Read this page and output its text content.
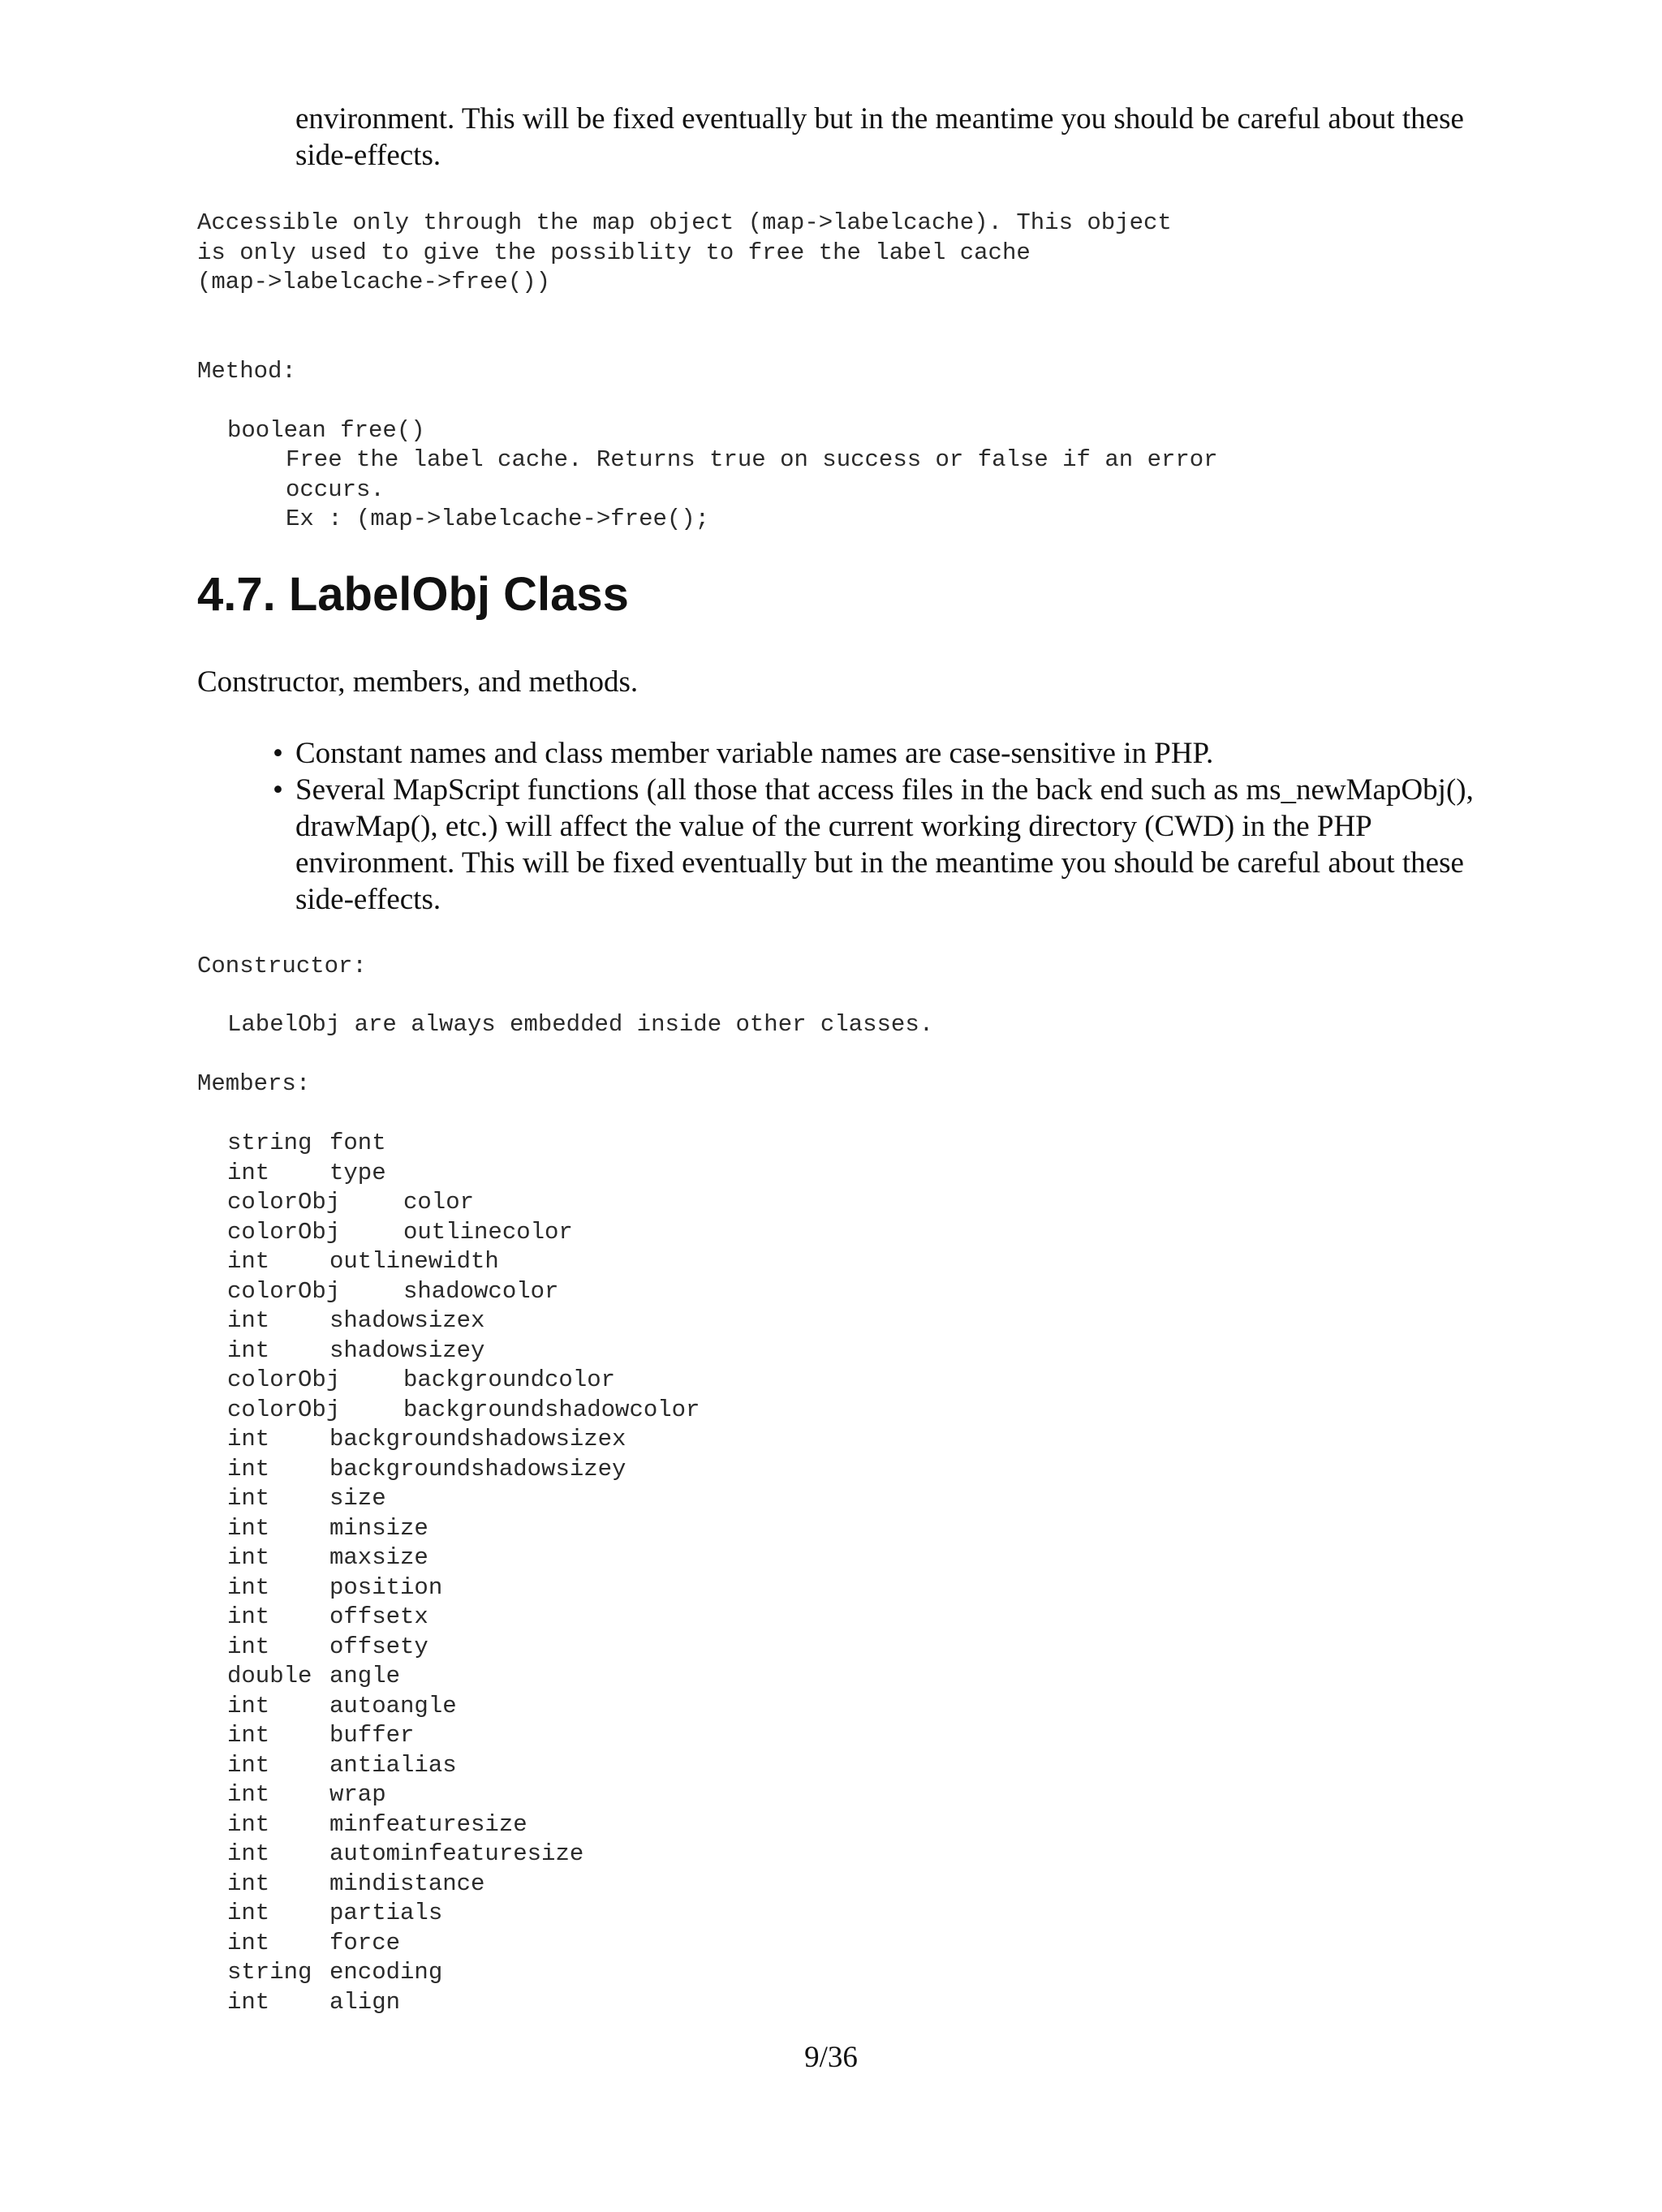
environment. This will be fixed eventually but in the meantime you should be careful about these
side-effects.
Accessible only through the map object (map->labelcache). This object
is only used to give the possiblity to free the label cache
(map->labelcache->free())
Method:
boolean free()
Free the label cache. Returns true on success or false if an error
occurs.
Ex : (map->labelcache->free();
4.7. LabelObj Class

Constructor, members, and methods.

• Constant names and class member variable names are case-sensitive in PHP.
• Several MapScript functions (all those that access files in the back end such as ms_newMapObj(), drawMap(), etc.) will affect the value of the current working directory (CWD) in the PHP environment. This will be fixed eventually but in the meantime you should be careful about these side-effects.
Constructor:
LabelObj are always embedded inside other classes.
Members:
string font
int	type
colorObj	color
colorObj	outlinecolor
int	outlinewidth
colorObj	shadowcolor
int	shadowsizex
int	shadowsizey
colorObj	backgroundcolor
colorObj	backgroundshadowcolor
int	backgroundshadowsizex
int	backgroundshadowsizey
int	size
int	minsize
int	maxsize
int	position
int	offsetx
int	offsety
double angle
int	autoangle
int	buffer
int	antialias
int	wrap
int	minfeaturesize
int	autominfeaturesize
int	mindistance
int	partials
int	force
string encoding
int	align
9/36
